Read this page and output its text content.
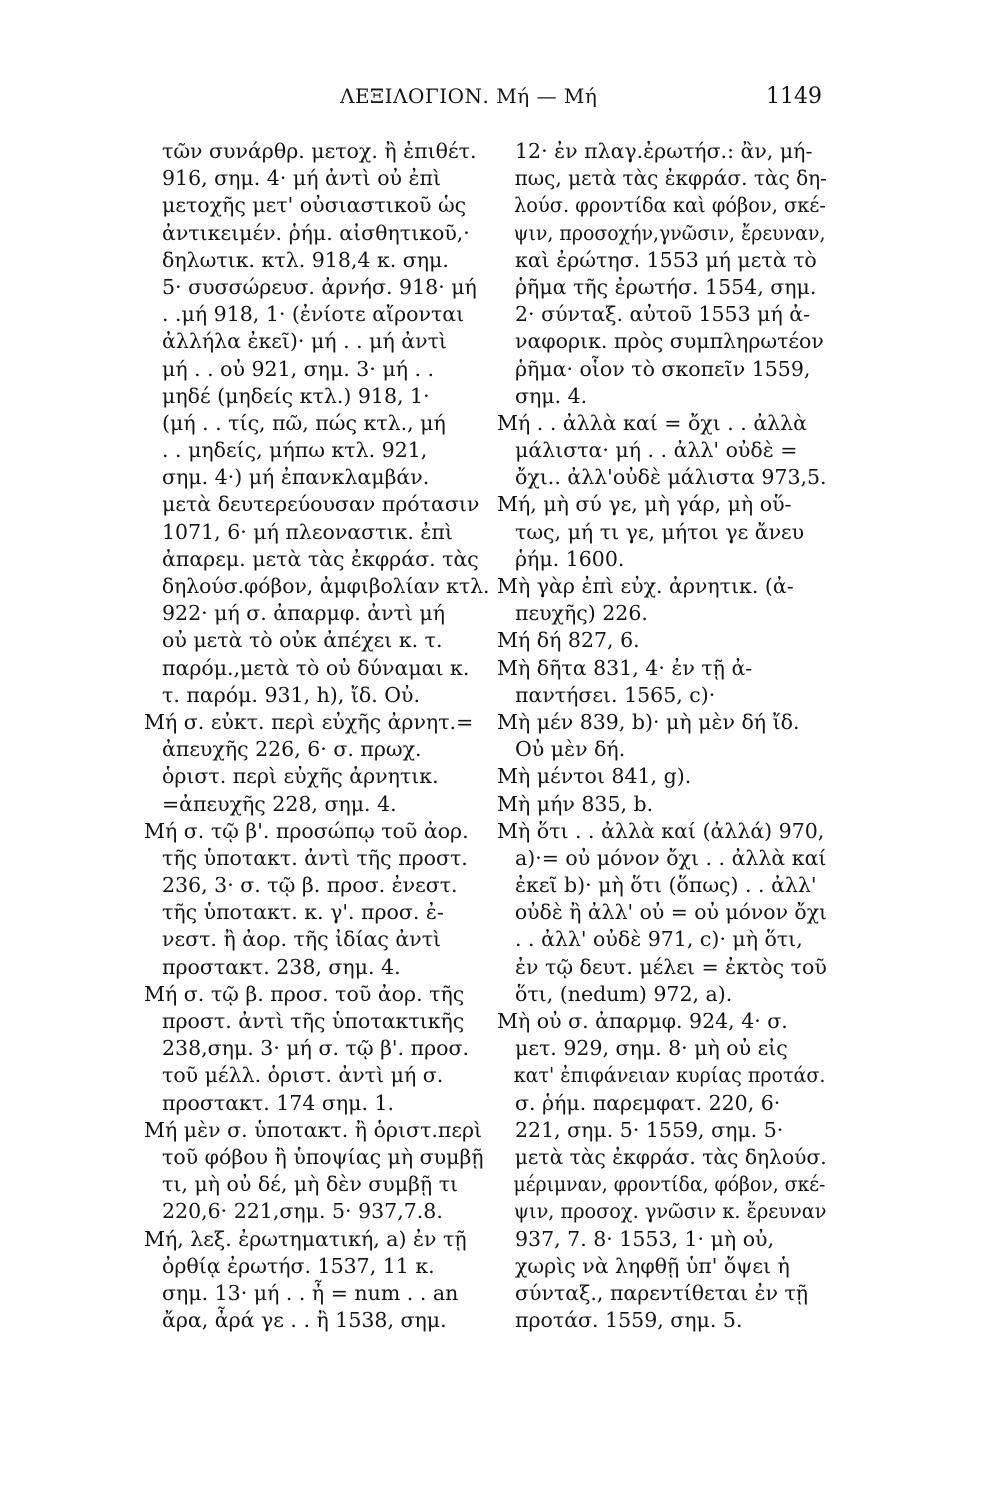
ΛΕΞΙΛΟΓΙΟΝ. Μή — Μή	1149
τῶν συνάρθρ. μετοχ. ἢ ἐπιθέτ.
916, σημ. 4· μή ἀντὶ οὐ ἐπὶ
μετοχῆς μετ' οὐσιαστικοῦ ὡς
ἀντικειμέν. ῥήμ. αἰσθητικοῦ,·
δηλωτικ. κτλ. 918,4 κ. σημ.
5· συσσώρευσ. ἀρνήσ. 918· μή
. .μή 918, 1· (ἐνίοτε αἴρονται
ἀλλήλα ἐκεῖ)· μή . . μή ἀντὶ
μή . . οὐ 921, σημ. 3· μή . .
μηδέ (μηδείς κτλ.) 918, 1·
(μή . . τίς, πῶ, πώς κτλ., μή
. . μηδείς, μήπω κτλ. 921,
σημ. 4·) μή ἐπανκλαμβάν.
μετὰ δευτερεύουσαν πρότασιν
1071, 6· μή πλεοναστικ. ἐπὶ
ἀπαρεμ. μετὰ τὰς ἐκφράσ. τὰς
δηλούσ.φόβον, ἀμφιβολίαν κτλ.
922· μή σ. ἀπαρμφ. ἀντὶ μή
οὐ μετὰ τὸ οὐκ ἀπέχει κ. τ.
παρόμ.,μετὰ τὸ οὐ δύναμαι κ.
τ. παρόμ. 931, h), ἴδ. Οὐ.
Μή σ. εὐκτ. περὶ εὐχῆς ἀρνητ.=
ἀπευχῆς 226, 6· σ. πρωχ.
ὁριστ. περὶ εὐχῆς ἀρνητικ.
=ἀπευχῆς 228, σημ. 4.
Μή σ. τῷ β'. προσώπῳ τοῦ ἀορ.
τῆς ὑποτακτ. ἀντὶ τῆς προστ.
236, 3· σ. τῷ β. προσ. ἐνεστ.
τῆς ὑποτακτ. κ. γ'. προσ. ἐ-
νεστ. ἢ ἀορ. τῆς ἰδίας ἀντὶ
προστακτ. 238, σημ. 4.
Μή σ. τῷ β. προσ. τοῦ ἀορ. τῆς
προστ. ἀντὶ τῆς ὑποτακτικῆς
238,σημ. 3· μή σ. τῷ β'. προσ.
τοῦ μέλλ. ὁριστ. ἀντὶ μή σ.
προστακτ. 174 σημ. 1.
Μή μὲν σ. ὑποτακτ. ἢ ὁριστ.περὶ
τοῦ φόβου ἢ ὑποψίας μὴ συμβῇ
τι, μὴ οὐ δέ, μὴ δὲν συμβῇ τι
220,6· 221,σημ. 5· 937,7.8.
Μή, λεξ. ἐρωτηματική, a) ἐν τῇ
ὀρθίᾳ ἐρωτήσ. 1537, 11 κ.
σημ. 13· μή . . ἦ = num . . an
ἄρα, ἆρά γε . . ἢ 1538, σημ.
12· ἐν πλαγ.ἐρωτήσ.: ἂν, μή-
πως, μετὰ τὰς ἐκφράσ. τὰς δη-
λούσ. φροντίδα καὶ φόβον, σκέ-
ψιν, προσοχήν,γνῶσιν, ἔρευναν,
καὶ ἐρώτησ. 1553 μή μετὰ τὸ
ῥῆμα τῆς ἐρωτήσ. 1554, σημ.
2· σύνταξ. αὐτοῦ 1553 μή ἀ-
ναφορικ. πρὸς συμπληρωτέον
ῥῆμα· οἷον τὸ σκοπεῖν 1559,
σημ. 4.
Μή . . ἀλλὰ καί = ὄχι . . ἀλλὰ
μάλιστα· μή . . ἀλλ' οὐδὲ =
ὄχι.. ἀλλ'οὐδὲ μάλιστα 973,5.
Μή, μὴ σύ γε, μὴ γάρ, μὴ οὕ-
τως, μή τι γε, μήτοι γε ἄνευ
ῥήμ. 1600.
Μὴ γὰρ ἐπὶ εὐχ. ἀρνητικ. (ἀ-
πευχῆς) 226.
Μή δή 827, 6.
Μὴ δῆτα 831, 4· ἐν τῇ ἀ-
παντήσει. 1565, c)·
Μὴ μέν 839, b)· μὴ μὲν δή ἴδ.
Οὐ μὲν δή.
Μὴ μέντοι 841, g).
Μὴ μήν 835, b.
Μὴ ὅτι . . ἀλλὰ καί (ἀλλά) 970,
a)·= οὐ μόνον ὄχι . . ἀλλὰ καί
ἐκεῖ b)· μὴ ὅτι (ὅπως) . . ἀλλ'
οὐδὲ ἢ ἀλλ' οὐ = οὐ μόνον ὄχι
. . ἀλλ' οὐδὲ 971, c)· μὴ ὅτι,
ἐν τῷ δευτ. μέλει = ἐκτὸς τοῦ
ὅτι, (nedum) 972, a).
Μὴ οὐ σ. ἀπαρμφ. 924, 4· σ.
μετ. 929, σημ. 8· μὴ οὐ εἰς
κατ' ἐπιφάνειαν κυρίας προτάσ.
σ. ῥήμ. παρεμφατ. 220, 6·
221, σημ. 5· 1559, σημ. 5·
μετὰ τὰς ἐκφράσ. τὰς δηλούσ.
μέριμναν, φροντίδα, φόβον, σκέ-
ψιν, προσοχ. γνῶσιν κ. ἔρευναν
937, 7. 8· 1553, 1· μὴ οὐ,
χωρὶς νὰ ληφθῇ ὑπ' ὄψει ἡ
σύνταξ., παρεντίθεται ἐν τῇ
προτάσ. 1559, σημ. 5.
